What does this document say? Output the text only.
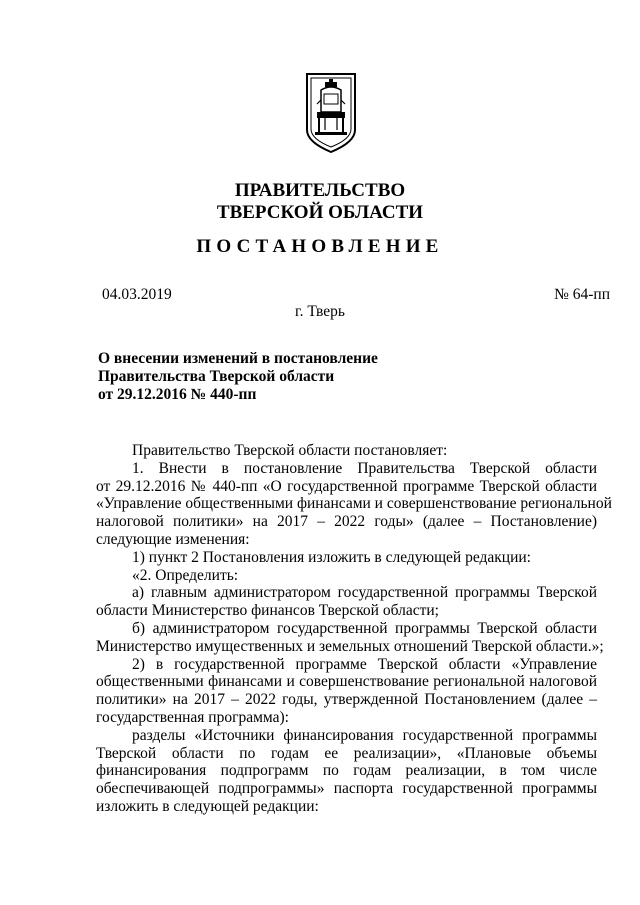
ПРАВИТЕЛЬСТВО
ТВЕРСКОЙ ОБЛАСТИ
ПОСТАНОВЛЕНИЕ
04.03.2019	№ 64-пп
г. Тверь
О внесении изменений в постановление
Правительства Тверской области
от 29.12.2016 № 440-пп
Правительство Тверской области постановляет:
1. Внести в постановление Правительства Тверской области
от 29.12.2016 № 440-пп «О государственной программе Тверской области
«Управление общественными финансами и совершенствование региональной
налоговой политики» на 2017 – 2022 годы» (далее – Постановление)
следующие изменения:
1) пункт 2 Постановления изложить в следующей редакции:
«2. Определить:
а) главным администратором государственной программы Тверской
области Министерство финансов Тверской области;
б) администратором государственной программы Тверской области
Министерство имущественных и земельных отношений Тверской области.»;
2) в государственной программе Тверской области «Управление
общественными финансами и совершенствование региональной налоговой
политики» на 2017 – 2022 годы, утвержденной Постановлением (далее –
государственная программа):
разделы «Источники финансирования государственной программы
Тверской области по годам ее реализации», «Плановые объемы
финансирования подпрограмм по годам реализации, в том числе
обеспечивающей подпрограммы» паспорта государственной программы
изложить в следующей редакции:
